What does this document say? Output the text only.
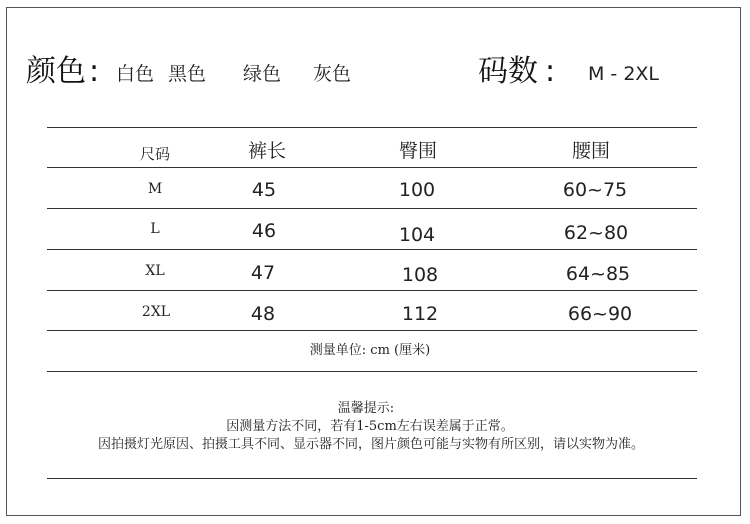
颜色 : 白色 黑色 绿色 灰色	码数 : M - 2XL
尺码	裤长	臀围	腰围
M	45	100	60~75
L	46	104	62~80
XL	47	108	64~85
2XL	48	112	66~90
测量单位: cm (厘米)
温馨提示:
因测量方法不同，若有1-5cm左右误差属于正常。
因拍摄灯光原因、拍摄工具不同、显示器不同，图片颜色可能与实物有所区别，请以实物为准。
